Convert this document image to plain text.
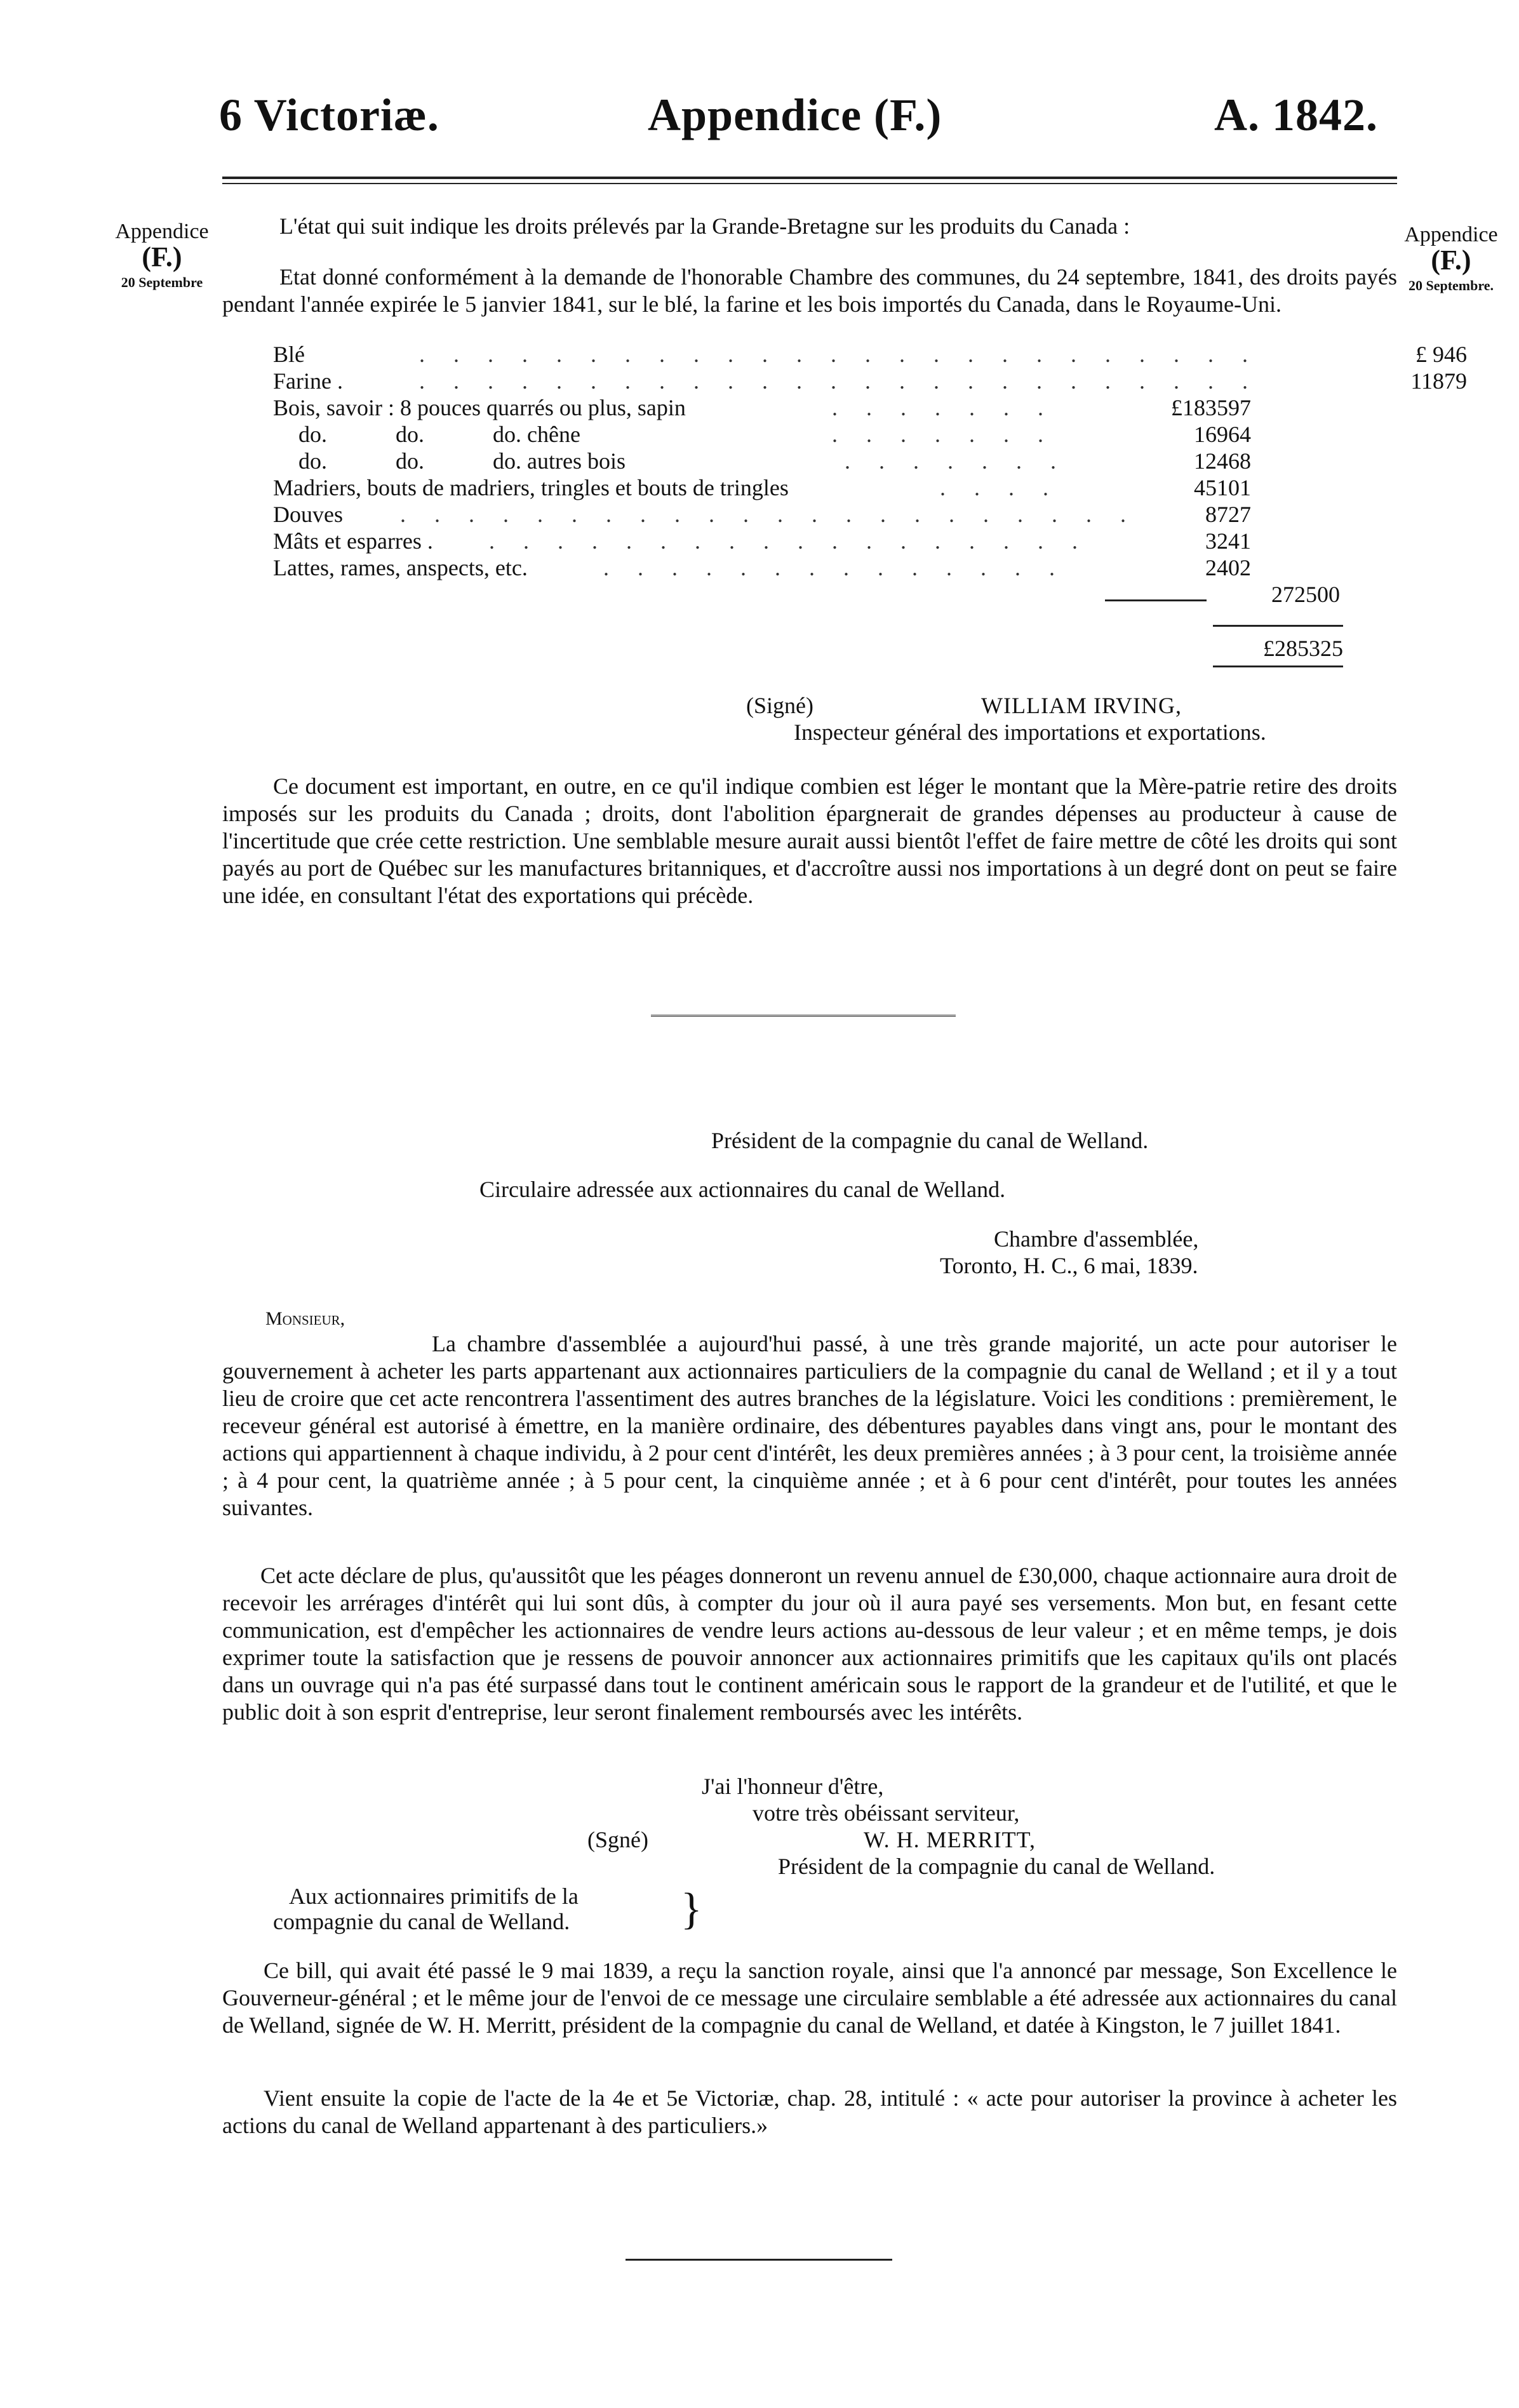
6 Victoriæ.	Appendice (F.)	A. 1842.
Appendice
(F.)
20 Septembre
Appendice
(F.)
20 Septembre.
L'état qui suit indique les droits prélevés par la Grande-Bretagne sur les produits du Canada :
Etat donné conformément à la demande de l'honorable Chambre des communes, du 24 septembre, 1841, des droits payés pendant l'année expirée le 5 janvier 1841, sur le blé, la farine et les bois importés du Canada, dans le Royaume-Uni.
Blé	. . . . . . . . . . . . . . . . . . . . . . . . .	£ 946
Farine .	. . . . . . . . . . . . . . . . . . . . . . . . .	11879
Bois, savoir : 8 pouces quarrés ou plus, sapin	. . . . . . .	£183597
do.            do.            do. chêne	. . . . . . .	16964
do.            do.            do. autres bois	. . . . . . .	12468
Madriers, bouts de madriers, tringles et bouts de tringles	. . . .	45101
Douves	. . . . . . . . . . . . . . . . . . . . . .	8727
Mâts et esparres . . . . . . . . . . . . . . . . . . .	3241
Lattes, rames, anspects, etc.	. . . . . . . . . . . . . .	2402
272500
£285325
(Signé)	WILLIAM IRVING,
Inspecteur général des importations et exportations.
Ce document est important, en outre, en ce qu'il indique combien est léger le montant que la Mère-patrie retire des droits imposés sur les produits du Canada ; droits, dont l'abolition épargnerait de grandes dépenses au producteur à cause de l'incertitude que crée cette restriction. Une semblable mesure aurait aussi bientôt l'effet de faire mettre de côté les droits qui sont payés au port de Québec sur les manufactures britanniques, et d'accroître aussi nos importations à un degré dont on peut se faire une idée, en consultant l'état des exportations qui précède.
Président de la compagnie du canal de Welland.
Circulaire adressée aux actionnaires du canal de Welland.
Chambre d'assemblée,
Toronto, H. C., 6 mai, 1839.
Monsieur,
La chambre d'assemblée a aujourd'hui passé, à une très grande majorité, un acte pour autoriser le gouvernement à acheter les parts appartenant aux actionnaires particuliers de la compagnie du canal de Welland ; et il y a tout lieu de croire que cet acte rencontrera l'assentiment des autres branches de la législature. Voici les conditions : premièrement, le receveur général est autorisé à émettre, en la manière ordinaire, des débentures payables dans vingt ans, pour le montant des actions qui appartiennent à chaque individu, à 2 pour cent d'intérêt, les deux premières années ; à 3 pour cent, la troisième année ; à 4 pour cent, la quatrième année ; à 5 pour cent, la cinquième année ; et à 6 pour cent d'intérêt, pour toutes les années suivantes.
Cet acte déclare de plus, qu'aussitôt que les péages donneront un revenu annuel de £30,000, chaque actionnaire aura droit de recevoir les arrérages d'intérêt qui lui sont dûs, à compter du jour où il aura payé ses versements. Mon but, en fesant cette communication, est d'empêcher les actionnaires de vendre leurs actions au-dessous de leur valeur ; et en même temps, je dois exprimer toute la satisfaction que je ressens de pouvoir annoncer aux actionnaires primitifs que les capitaux qu'ils ont placés dans un ouvrage qui n'a pas été surpassé dans tout le continent américain sous le rapport de la grandeur et de l'utilité, et que le public doit à son esprit d'entreprise, leur seront finalement remboursés avec les intérêts.
J'ai l'honneur d'être,
votre très obéissant serviteur,
(Sgné)	W. H. MERRITT,
Président de la compagnie du canal de Welland.
Aux actionnaires primitifs de la
compagnie du canal de Welland. }
Ce bill, qui avait été passé le 9 mai 1839, a reçu la sanction royale, ainsi que l'a annoncé par message, Son Excellence le Gouverneur-général ; et le même jour de l'envoi de ce message une circulaire semblable a été adressée aux actionnaires du canal de Welland, signée de W. H. Merritt, président de la compagnie du canal de Welland, et datée à Kingston, le 7 juillet 1841.
Vient ensuite la copie de l'acte de la 4e et 5e Victoriæ, chap. 28, intitulé : « acte pour autoriser la province à acheter les actions du canal de Welland appartenant à des particuliers.»
